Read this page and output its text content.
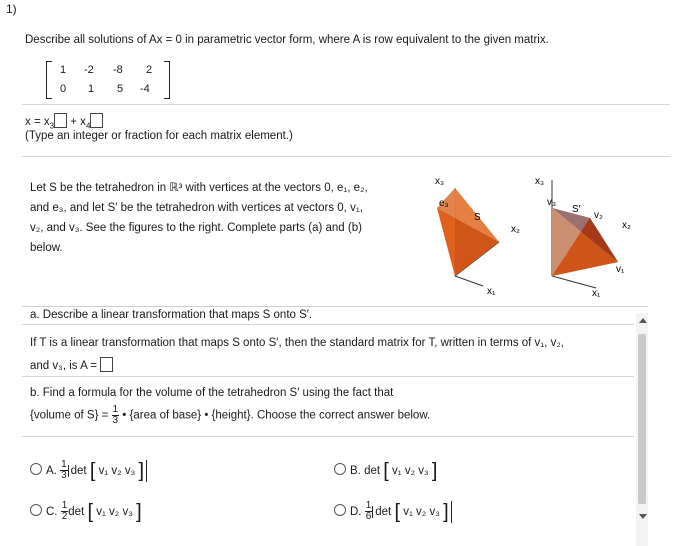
1)
Describe all solutions of Ax = 0 in parametric vector form, where A is row equivalent to the given matrix.
1 -2 -8 2
0 1 5 -4
$x = x_3 + x_4$
(Type an integer or fraction for each matrix element.)
Let S be the tetrahedron in ℝ³ with vertices at the vectors 0, e₁, e₂,
and e₃, and let S′ be the tetrahedron with vertices at vectors 0, v₁,
v₂, and v₃. See the figures to the right. Complete parts (a) and (b)
below.
x₃
e₃
S
x₂
x₁
x₃
v₃
S′
v₂
x₂
v₁
x₁
a. Describe a linear transformation that maps S onto S′.
If T is a linear transformation that maps S onto S′, then the standard matrix for T, written in terms of v₁, v₂,
and v₃, is A =
b. Find a formula for the volume of the tetrahedron S′ using the fact that
{volume of $S\} = \frac{1}{3}$ • {area of base} • {height}. Choose the correct answer below.
A. $\frac{1}{3}$ det [ v₁ v₂ v₃ ]	B. det [ v₁ v₂ v₃ ]
C. $\frac{1}{2}$ det [ v₁ v₂ v₃ ]	D. $\frac{1}{6}$ det [ v₁ v₂ v₃ ]
